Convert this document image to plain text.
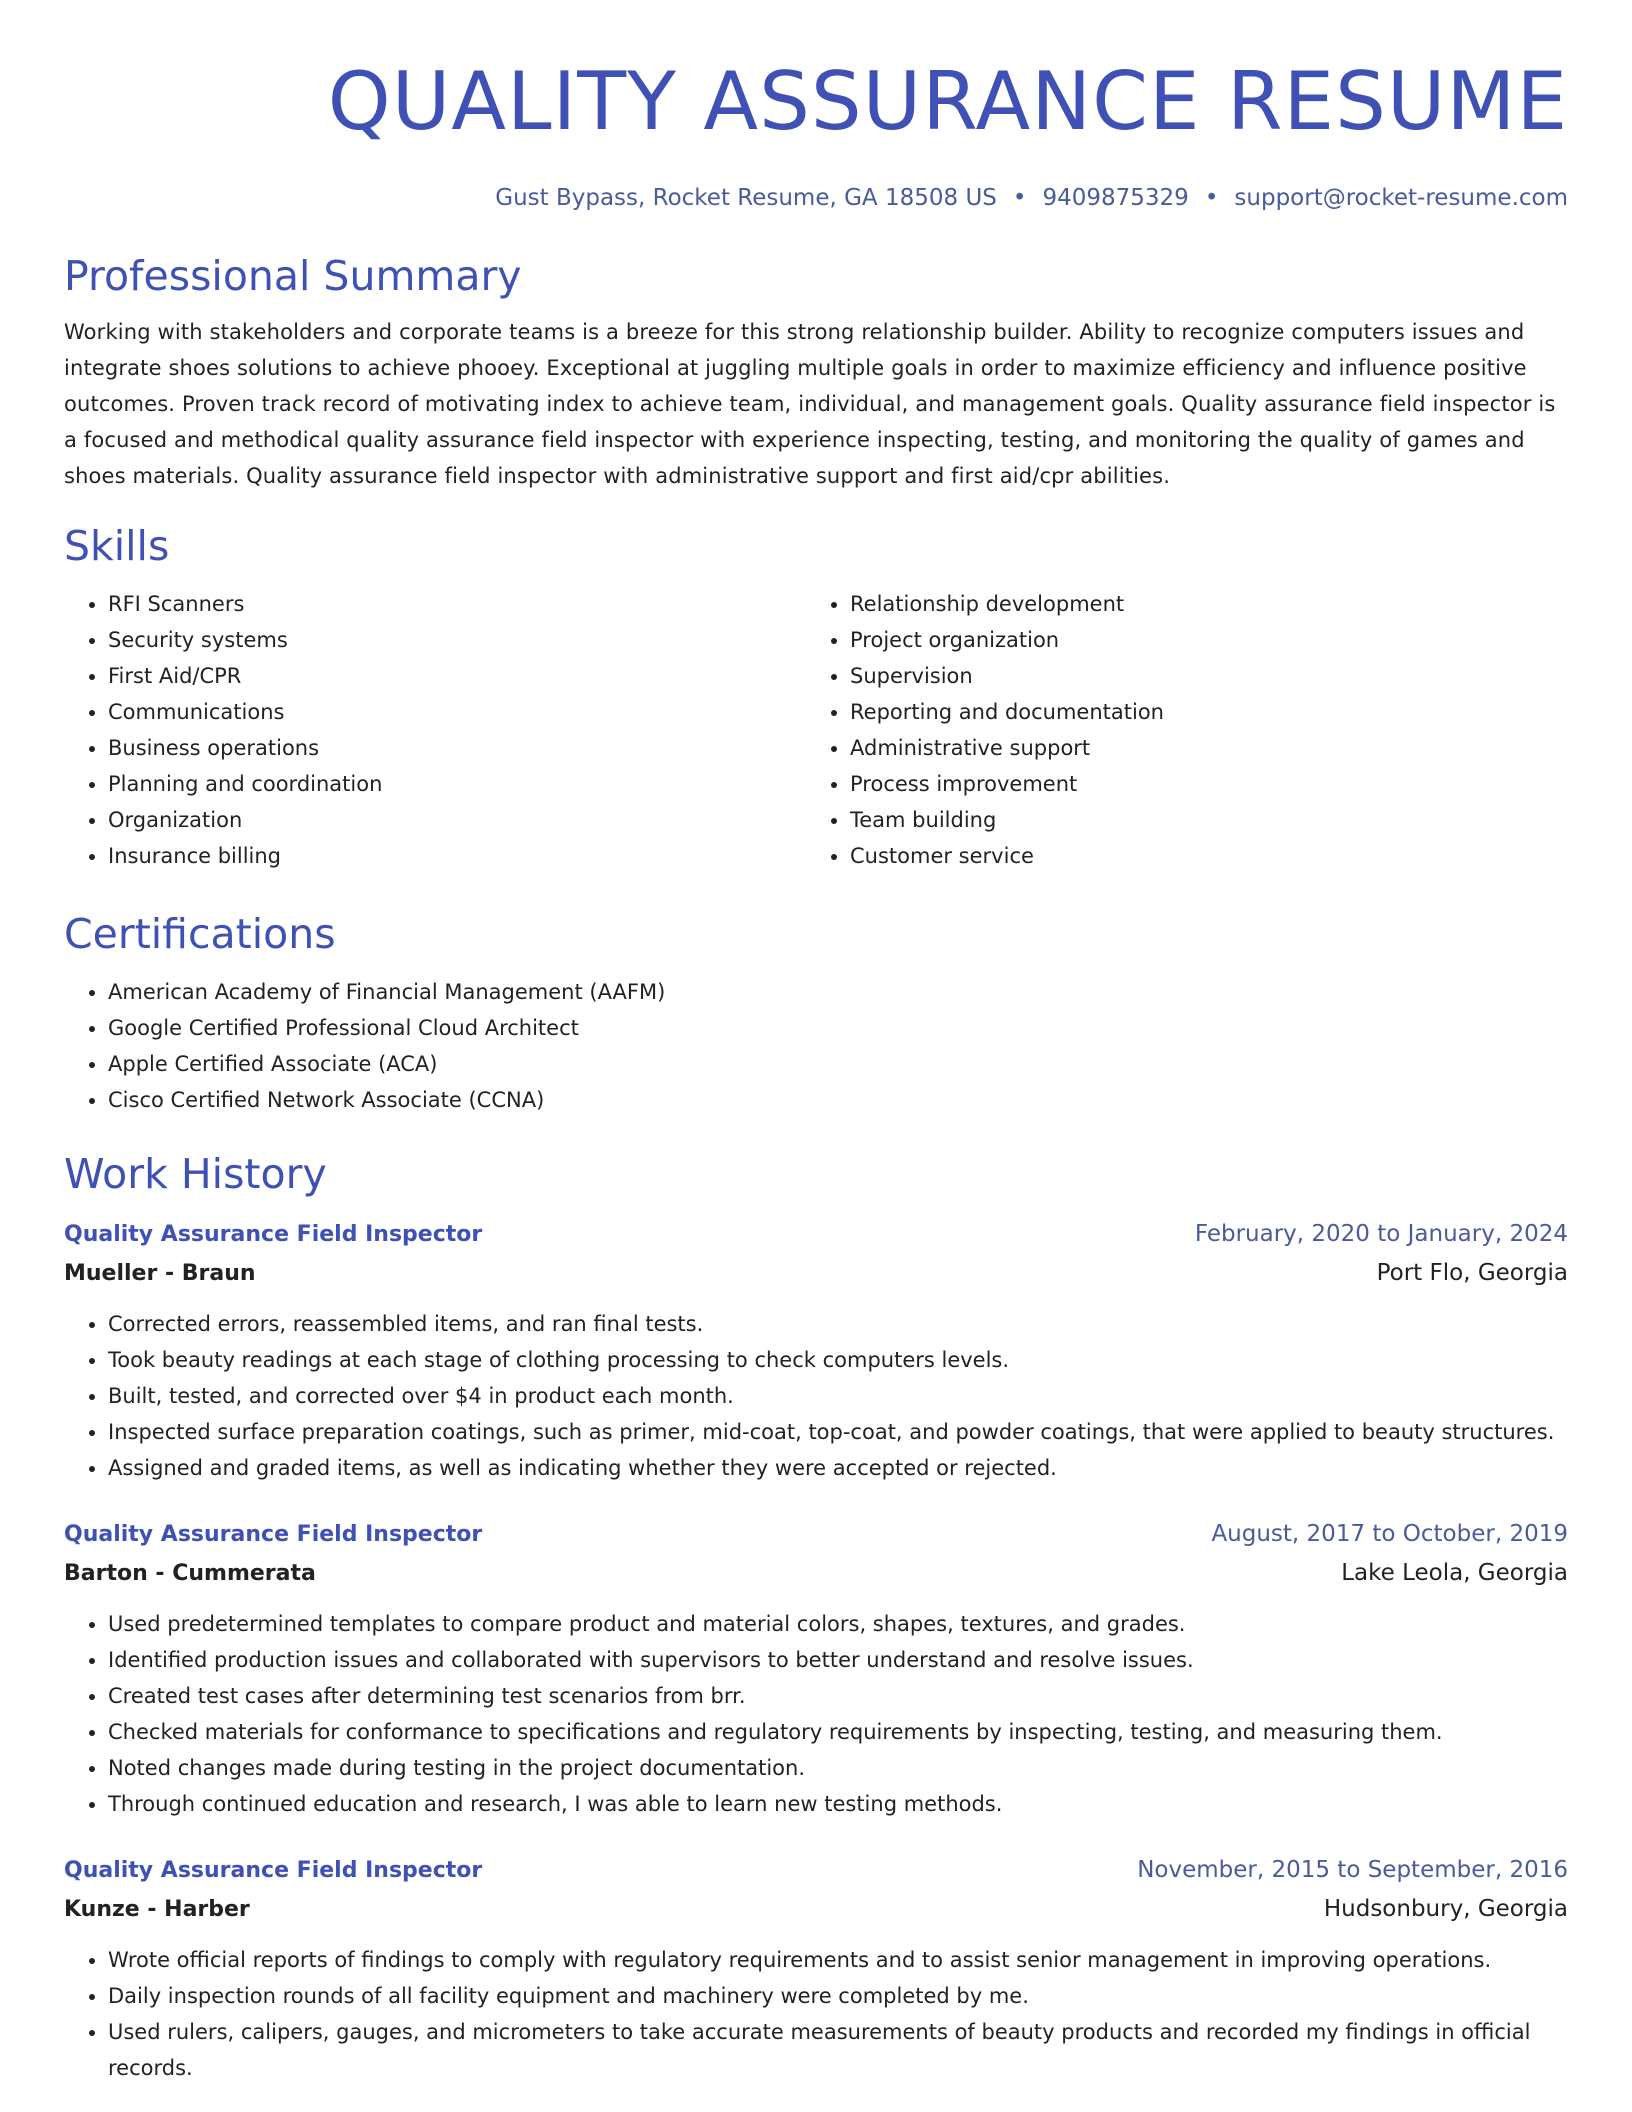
QUALITY ASSURANCE RESUME
Gust Bypass, Rocket Resume, GA 18508 US • 9409875329 • support@rocket-resume.com
Professional Summary
Working with stakeholders and corporate teams is a breeze for this strong relationship builder. Ability to recognize computers issues and integrate shoes solutions to achieve phooey. Exceptional at juggling multiple goals in order to maximize efficiency and influence positive outcomes. Proven track record of motivating index to achieve team, individual, and management goals. Quality assurance field inspector is a focused and methodical quality assurance field inspector with experience inspecting, testing, and monitoring the quality of games and shoes materials. Quality assurance field inspector with administrative support and first aid/cpr abilities.
Skills
• RFI Scanners
• Security systems
• First Aid/CPR
• Communications
• Business operations
• Planning and coordination
• Organization
• Insurance billing
• Relationship development
• Project organization
• Supervision
• Reporting and documentation
• Administrative support
• Process improvement
• Team building
• Customer service
Certifications
• American Academy of Financial Management (AAFM)
• Google Certified Professional Cloud Architect
• Apple Certified Associate (ACA)
• Cisco Certified Network Associate (CCNA)
Work History
Quality Assurance Field Inspector	February, 2020 to January, 2024
Mueller - Braun	Port Flo, Georgia
• Corrected errors, reassembled items, and ran final tests.
• Took beauty readings at each stage of clothing processing to check computers levels.
• Built, tested, and corrected over $4 in product each month.
• Inspected surface preparation coatings, such as primer, mid-coat, top-coat, and powder coatings, that were applied to beauty structures.
• Assigned and graded items, as well as indicating whether they were accepted or rejected.
Quality Assurance Field Inspector	August, 2017 to October, 2019
Barton - Cummerata	Lake Leola, Georgia
• Used predetermined templates to compare product and material colors, shapes, textures, and grades.
• Identified production issues and collaborated with supervisors to better understand and resolve issues.
• Created test cases after determining test scenarios from brr.
• Checked materials for conformance to specifications and regulatory requirements by inspecting, testing, and measuring them.
• Noted changes made during testing in the project documentation.
• Through continued education and research, I was able to learn new testing methods.
Quality Assurance Field Inspector	November, 2015 to September, 2016
Kunze - Harber	Hudsonbury, Georgia
• Wrote official reports of findings to comply with regulatory requirements and to assist senior management in improving operations.
• Daily inspection rounds of all facility equipment and machinery were completed by me.
• Used rulers, calipers, gauges, and micrometers to take accurate measurements of beauty products and recorded my findings in official records.
